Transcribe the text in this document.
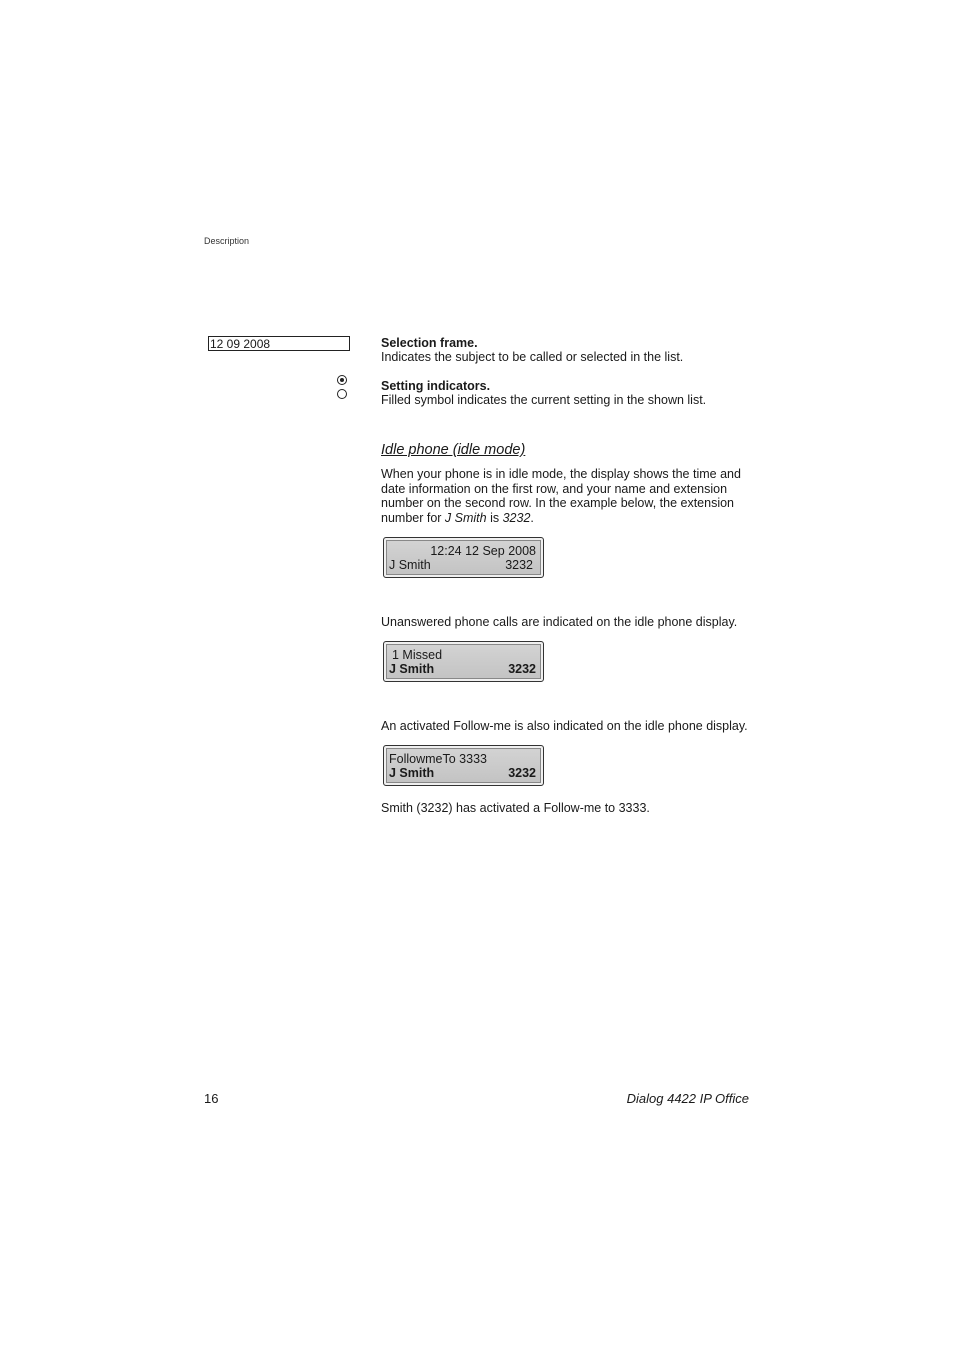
Description
12 09 2008	Selection frame.
Indicates the subject to be called or selected in the list.
Setting indicators.
Filled symbol indicates the current setting in the shown list.
Idle phone (idle mode)
When your phone is in idle mode, the display shows the time and date information on the first row, and your name and extension number on the second row. In the example below, the extension number for J Smith is 3232.
12:24 12 Sep 2008
J Smith	3232
Unanswered phone calls are indicated on the idle phone display.
1 Missed
J Smith	3232
An activated Follow-me is also indicated on the idle phone display.
FollowmeTo 3333
J Smith	3232
Smith (3232) has activated a Follow-me to 3333.
16	Dialog 4422 IP Office
